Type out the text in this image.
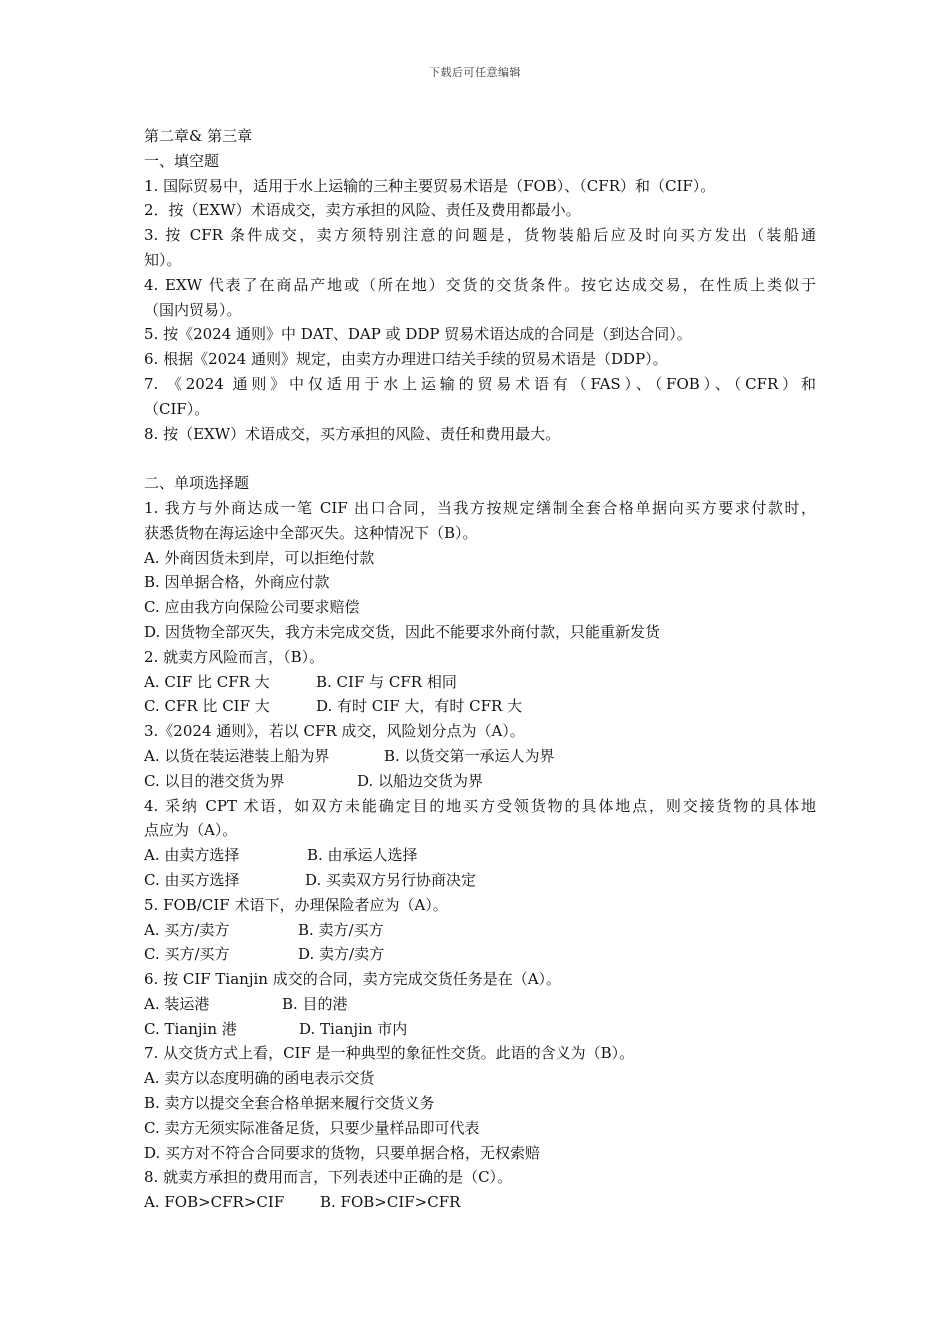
下载后可任意编辑
第二章& 第三章
一、填空题
1. 国际贸易中，适用于水上运输的三种主要贸易术语是（FOB）、（CFR）和（CIF）。
2．按（EXW）术语成交，卖方承担的风险、责任及费用都最小。
3. 按 CFR 条件成交，卖方须特别注意的问题是，货物装船后应及时向买方发出（装船通
知）。
4. EXW 代表了在商品产地或（所在地）交货的交货条件。按它达成交易，在性质上类似于
（国内贸易）。
5. 按《2024 通则》中 DAT、DAP 或 DDP 贸易术语达成的合同是（到达合同）。
6. 根据《2024 通则》规定，由卖方办理进口结关手续的贸易术语是（DDP）。
7. 《2024 通则》中仅适用于水上运输的贸易术语有（FAS）、（FOB）、（CFR）和
（CIF）。
8. 按（EXW）术语成交，买方承担的风险、责任和费用最大。
二、单项选择题
1. 我方与外商达成一笔 CIF 出口合同，当我方按规定缮制全套合格单据向买方要求付款时，
获悉货物在海运途中全部灭失。这种情况下（B）。
A. 外商因货未到岸，可以拒绝付款
B. 因单据合格，外商应付款
C. 应由我方向保险公司要求赔偿
D. 因货物全部灭失，我方未完成交货，因此不能要求外商付款，只能重新发货
2. 就卖方风险而言，（B）。
A. CIF 比 CFR 大	B. CIF 与 CFR 相同
C. CFR 比 CIF 大	D. 有时 CIF 大，有时 CFR 大
3.《2024 通则》，若以 CFR 成交，风险划分点为（A）。
A. 以货在装运港装上船为界	B. 以货交第一承运人为界
C. 以目的港交货为界	D. 以船边交货为界
4. 采纳 CPT 术语，如双方未能确定目的地买方受领货物的具体地点，则交接货物的具体地
点应为（A）。
A. 由卖方选择	B. 由承运人选择
C. 由买方选择	D. 买卖双方另行协商决定
5. FOB/CIF 术语下，办理保险者应为（A）。
A. 买方/卖方	B. 卖方/买方
C. 买方/买方	D. 卖方/卖方
6. 按 CIF Tianjin 成交的合同，卖方完成交货任务是在（A）。
A. 装运港	B. 目的港
C. Tianjin 港	D. Tianjin 市内
7. 从交货方式上看，CIF 是一种典型的象征性交货。此语的含义为（B）。
A. 卖方以态度明确的函电表示交货
B. 卖方以提交全套合格单据来履行交货义务
C. 卖方无须实际准备足货，只要少量样品即可代表
D. 买方对不符合合同要求的货物，只要单据合格，无权索赔
8. 就卖方承担的费用而言，下列表述中正确的是（C）。
A. FOB>CFR>CIF	B. FOB>CIF>CFR
